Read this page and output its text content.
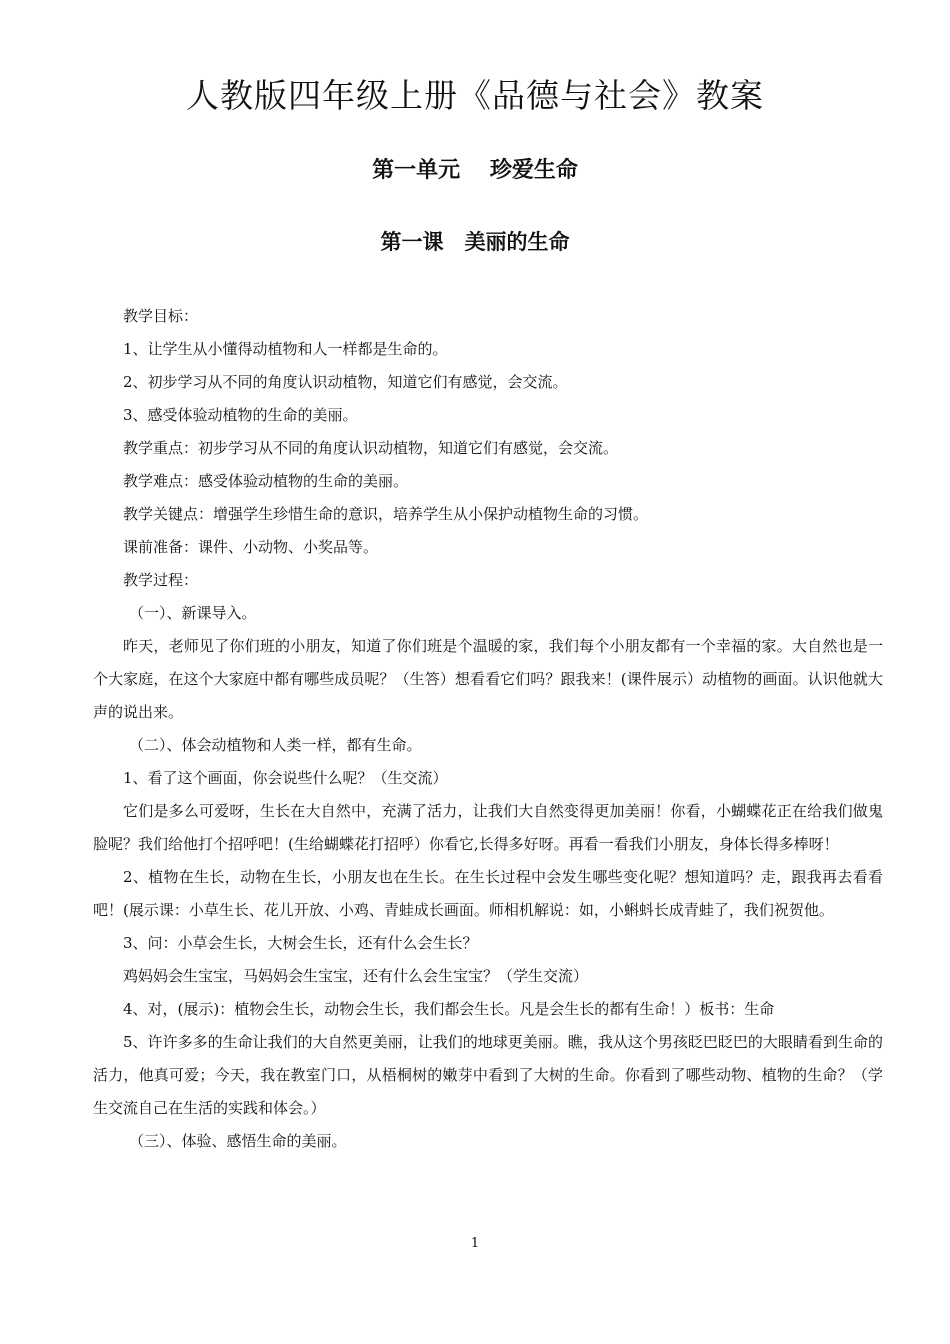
人教版四年级上册《品德与社会》教案
第一单元　 珍爱生命
第一课　美丽的生命

教学目标：

1、让学生从小懂得动植物和人一样都是生命的。

2、初步学习从不同的角度认识动植物，知道它们有感觉，会交流。

3、感受体验动植物的生命的美丽。

教学重点：初步学习从不同的角度认识动植物，知道它们有感觉，会交流。

教学难点：感受体验动植物的生命的美丽。

教学关键点：增强学生珍惜生命的意识，培养学生从小保护动植物生命的习惯。

课前准备：课件、小动物、小奖品等。

教学过程：

（一）、新课导入。

昨天，老师见了你们班的小朋友，知道了你们班是个温暖的家，我们每个小朋友都有一个幸福的家。大自然也是一个大家庭，在这个大家庭中都有哪些成员呢？（生答）想看看它们吗？跟我来！(课件展示）动植物的画面。认识他就大声的说出来。

（二）、体会动植物和人类一样，都有生命。

1、看了这个画面，你会说些什么呢？（生交流）

它们是多么可爱呀，生长在大自然中，充满了活力，让我们大自然变得更加美丽！你看，小蝴蝶花正在给我们做鬼脸呢？我们给他打个招呼吧！(生给蝴蝶花打招呼）你看它,长得多好呀。再看一看我们小朋友，身体长得多棒呀！

2、植物在生长，动物在生长，小朋友也在生长。在生长过程中会发生哪些变化呢？想知道吗？走，跟我再去看看吧！(展示课：小草生长、花儿开放、小鸡、青蛙成长画面。师相机解说：如，小蝌蚪长成青蛙了，我们祝贺他。

3、问：小草会生长，大树会生长，还有什么会生长？

鸡妈妈会生宝宝，马妈妈会生宝宝，还有什么会生宝宝？（学生交流）

4、对，(展示)：植物会生长，动物会生长，我们都会生长。凡是会生长的都有生命！）板书：生命

5、许许多多的生命让我们的大自然更美丽，让我们的地球更美丽。瞧，我从这个男孩眨巴眨巴的大眼睛看到生命的活力，他真可爱；今天，我在教室门口，从梧桐树的嫩芽中看到了大树的生命。你看到了哪些动物、植物的生命？（学生交流自己在生活的实践和体会。）

（三）、体验、感悟生命的美丽。

1
